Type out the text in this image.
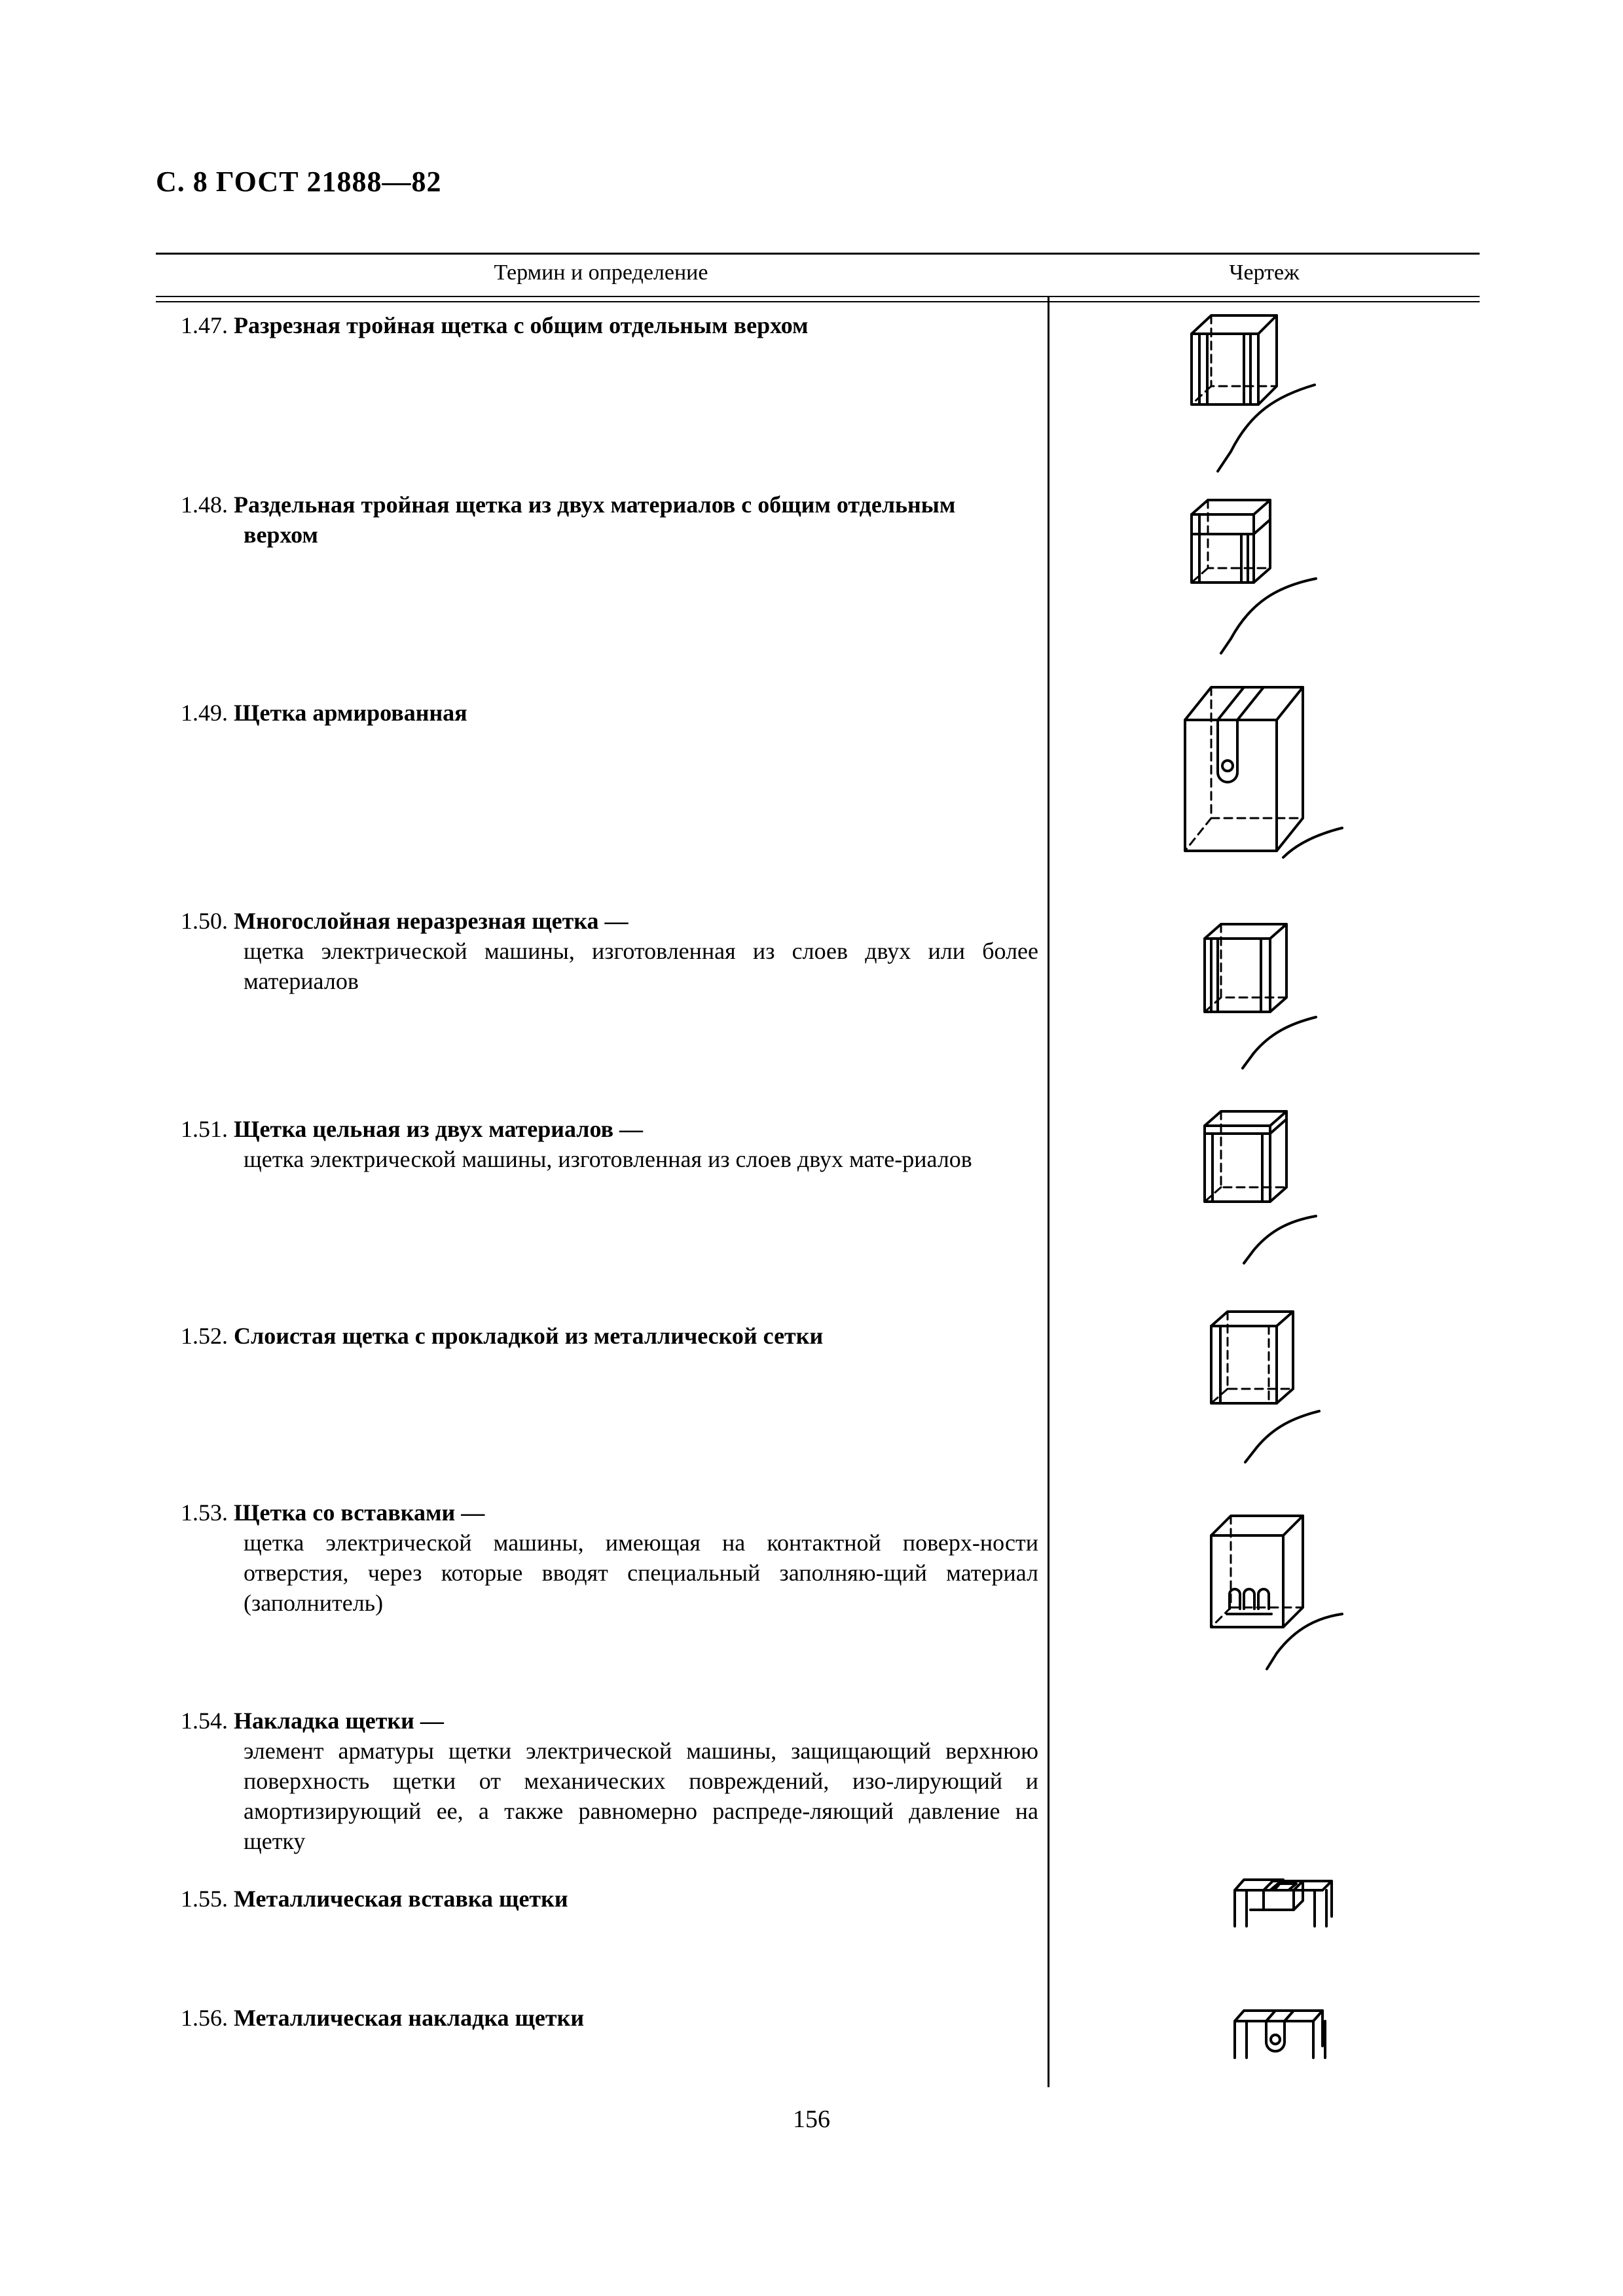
С. 8 ГОСТ 21888—82
Термин и определение	Чертеж
1.47. Разрезная тройная щетка с общим отдельным верхом
1.48. Раздельная тройная щетка из двух материалов с общим отдельным
верхом
1.49. Щетка армированная
1.50. Многослойная неразрезная щетка —
щетка электрической машины, изготовленная из слоев двух или более материалов
1.51. Щетка цельная из двух материалов —
щетка электрической машины, изготовленная из слоев двух мате-риалов
1.52. Слоистая щетка с прокладкой из металлической сетки
1.53. Щетка со вставками —
щетка электрической машины, имеющая на контактной поверх-ности отверстия, через которые вводят специальный заполняю-щий материал (заполнитель)
1.54. Накладка щетки —
элемент арматуры щетки электрической машины, защищающий верхнюю поверхность щетки от механических повреждений, изо-лирующий и амортизирующий ее, а также равномерно распреде-ляющий давление на щетку
1.55. Металлическая вставка щетки
1.56. Металлическая накладка щетки
156
